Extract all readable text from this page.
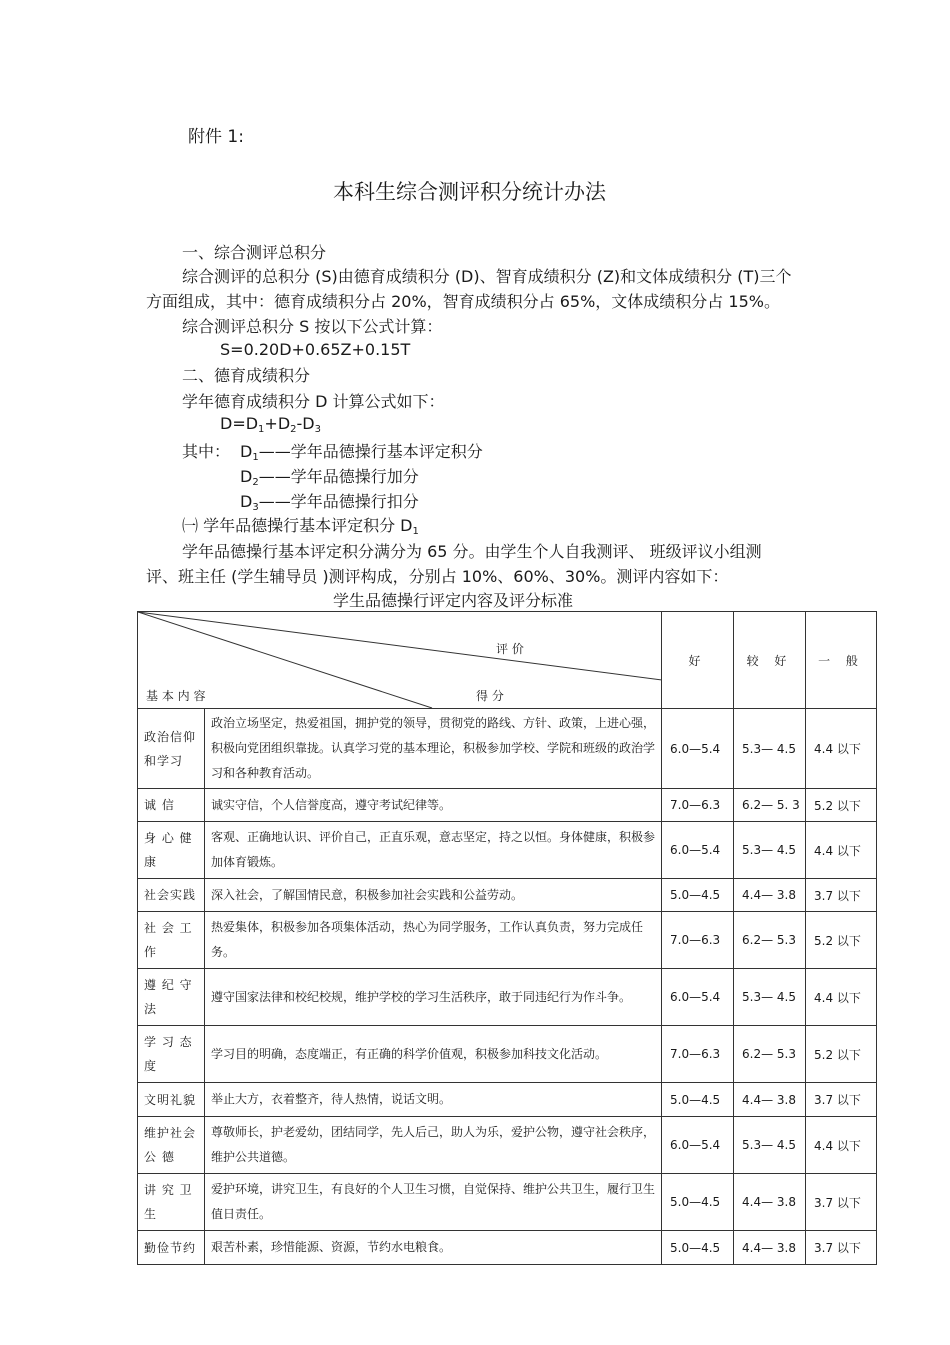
附件 1:
本科生综合测评积分统计办法
一、综合测评总积分
综合测评的总积分 (S)由德育成绩积分 (D)、智育成绩积分 (Z)和文体成绩积分 (T)三个
方面组成，其中：德育成绩积分占 20%，智育成绩积分占 65%，文体成绩积分占 15%。
综合测评总积分 S 按以下公式计算：
S=0.20D+0.65Z+0.15T
二、德育成绩积分
学年德育成绩积分 D 计算公式如下：
$D=D_1+D_2-D_3$
其中： $D_1——$学年品德操行基本评定积分
$D_2——$学年品德操行加分
$D_3——$学年品德操行扣分
㈠ 学年品德操行基本评定积分 $D_1$
学年品德操行基本评定积分满分为 65 分。由学生个人自我测评、 班级评议小组测
评、班主任 (学生辅导员 )测评构成，分别占 10%、60%、30%。测评内容如下：
学生品德操行评定内容及评分标准
评 价
得 分
基 本 内 容		好	较 好	一 般
政治信仰和学习	政治立场坚定，热爱祖国，拥护党的领导，贯彻党的路线、方针、政策，上进心强，积极向党团组织靠拢。认真学习党的基本理论，积极参加学校、学院和班级的政治学习和各种教育活动。	6.0—5.4	5.3— 4.5	4.4 以下
诚 信	诚实守信，个人信誉度高，遵守考试纪律等。	7.0—6.3	6.2— 5. 3	5.2 以下
身 心 健 康	客观、正确地认识、评价自己，正直乐观，意志坚定，持之以恒。身体健康，积极参加体育锻炼。	6.0—5.4	5.3— 4.5	4.4 以下
社会实践	深入社会，了解国情民意，积极参加社会实践和公益劳动。	5.0—4.5	4.4— 3.8	3.7 以下
社 会 工 作	热爱集体，积极参加各项集体活动，热心为同学服务，工作认真负责，努力完成任务。	7.0—6.3	6.2— 5.3	5.2 以下
遵 纪 守 法	遵守国家法律和校纪校规，维护学校的学习生活秩序，敢于同违纪行为作斗争。	6.0—5.4	5.3— 4.5	4.4 以下
学 习 态 度	学习目的明确，态度端正，有正确的科学价值观，积极参加科技文化活动。	7.0—6.3	6.2— 5.3	5.2 以下
文明礼貌	举止大方，衣着整齐，待人热情，说话文明。	5.0—4.5	4.4— 3.8	3.7 以下
维护社会公 德	尊敬师长，护老爱幼，团结同学，先人后己，助人为乐，爱护公物，遵守社会秩序，维护公共道德。	6.0—5.4	5.3— 4.5	4.4 以下
讲 究 卫 生	爱护环境，讲究卫生，有良好的个人卫生习惯，自觉保持、维护公共卫生，履行卫生值日责任。	5.0—4.5	4.4— 3.8	3.7 以下
勤俭节约	艰苦朴素，珍惜能源、资源，节约水电粮食。	5.0—4.5	4.4— 3.8	3.7 以下
